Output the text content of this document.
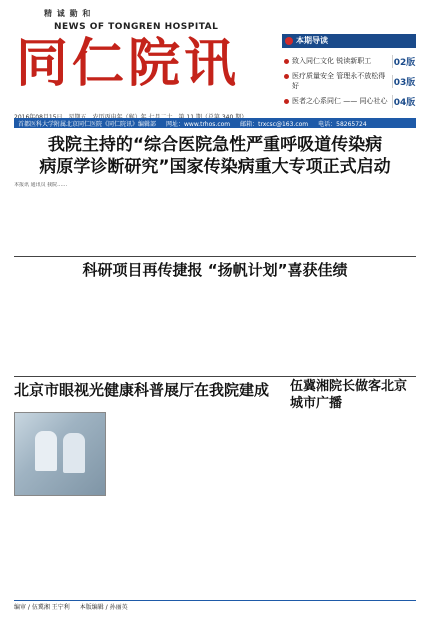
精 诚 勤 和
NEWS OF TONGREN HOSPITAL
同仁院讯	本期导读
致入同仁文化 锐读新职工	02版
医疗质量安全 管理永不放松得好	03版
医者之心系同仁 —— 同心社心 04版
首都医科大学附属北京同仁医院《同仁院讯》编辑部 网址：www.trhos.com 邮箱：trxcsc@163.com 电话：58265724
我院主持的“综合医院急性严重呼吸道传染病
病原学诊断研究”国家传染病重大专项正式启动
本报讯 通讯员 我院……
科研项目再传捷报 “扬帆计划”喜获佳绩
北京市眼视光健康科普展厅在我院建成	伍冀湘院长做客北京城市广播
编审 / 伍冀湘 王宁利 本版编辑 / 孙丽英
